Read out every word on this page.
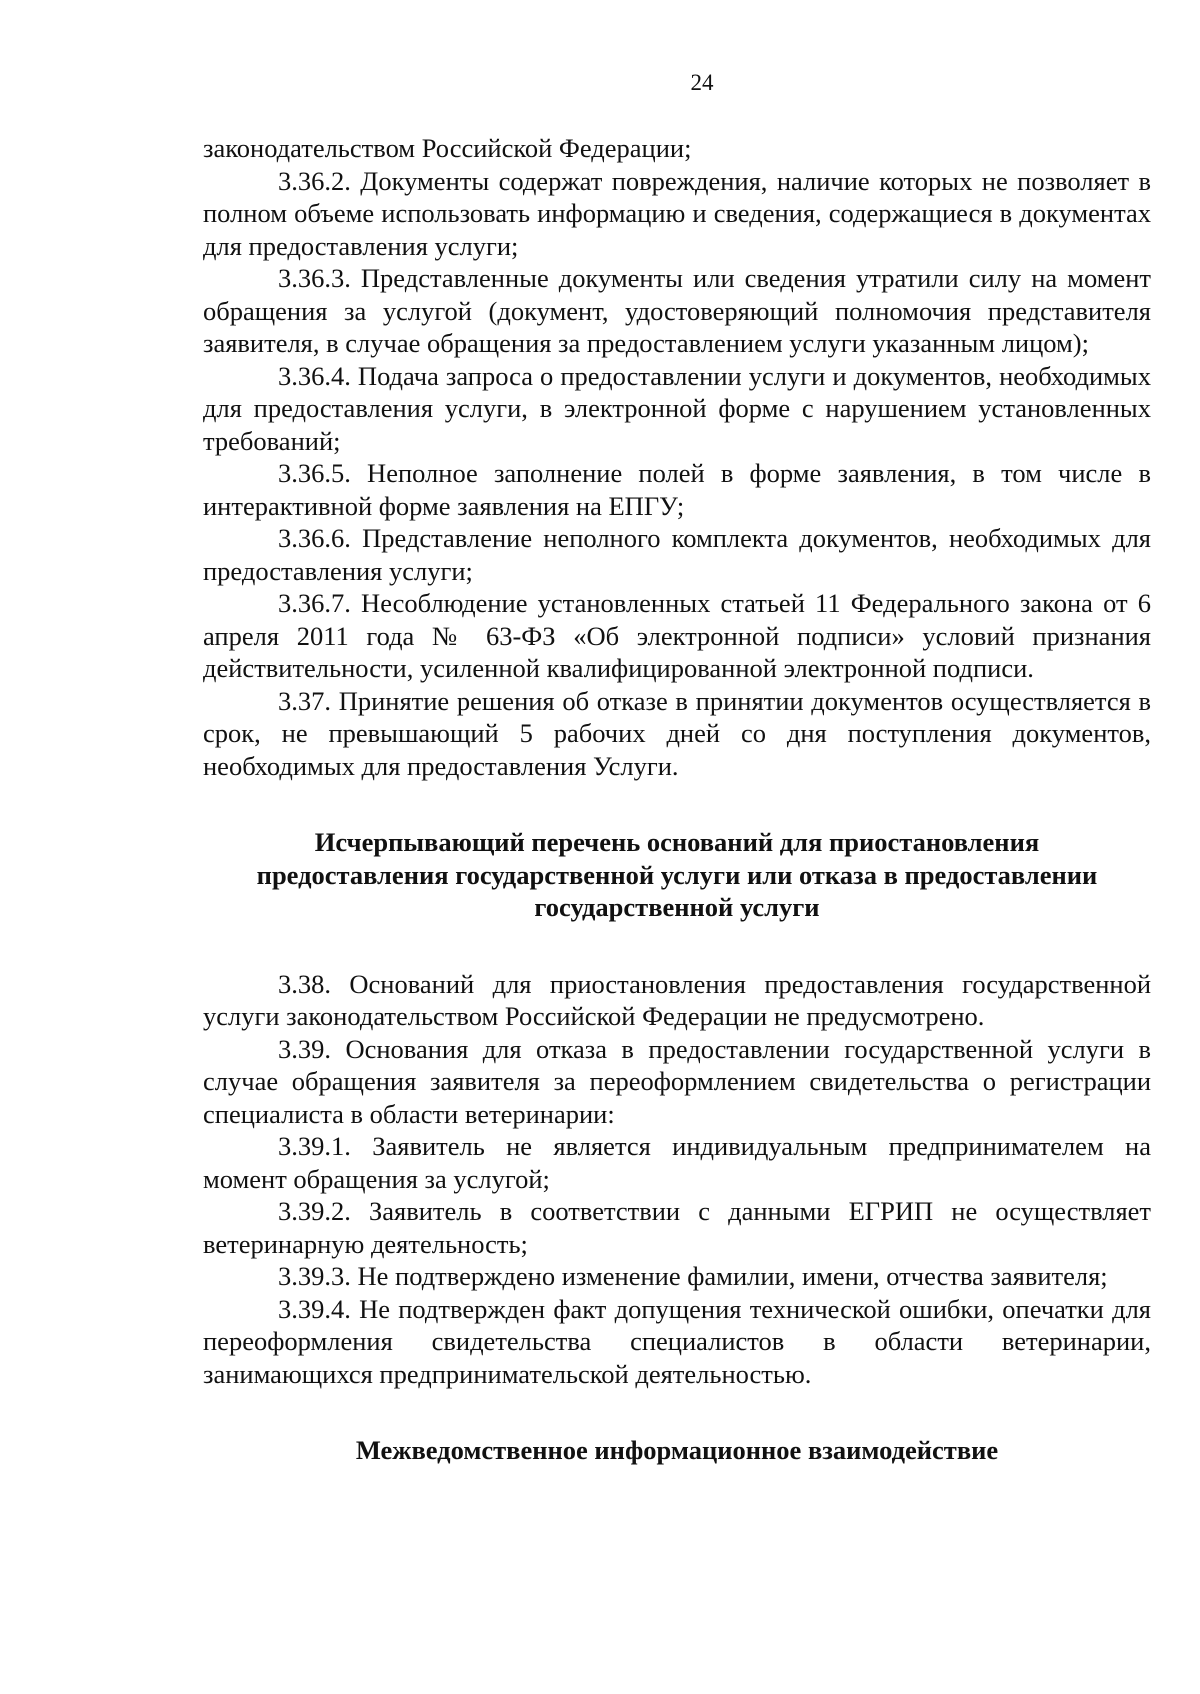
24

законодательством Российской Федерации;

3.36.2. Документы содержат повреждения, наличие которых не позволяет в полном объеме использовать информацию и сведения, содержащиеся в документах для предоставления услуги;

3.36.3. Представленные документы или сведения утратили силу на момент обращения за услугой (документ, удостоверяющий полномочия представителя заявителя, в случае обращения за предоставлением услуги указанным лицом);

3.36.4. Подача запроса о предоставлении услуги и документов, необходимых для предоставления услуги, в электронной форме с нарушением установленных требований;

3.36.5. Неполное заполнение полей в форме заявления, в том числе в интерактивной форме заявления на ЕПГУ;

3.36.6. Представление неполного комплекта документов, необходимых для предоставления услуги;

3.36.7. Несоблюдение установленных статьей 11 Федерального закона от 6 апреля 2011 года № 63-ФЗ «Об электронной подписи» условий признания действительности, усиленной квалифицированной электронной подписи.

3.37. Принятие решения об отказе в принятии документов осуществляется в срок, не превышающий 5 рабочих дней со дня поступления документов, необходимых для предоставления Услуги.

Исчерпывающий перечень оснований для приостановления предоставления государственной услуги или отказа в предоставлении государственной услуги

3.38. Оснований для приостановления предоставления государственной услуги законодательством Российской Федерации не предусмотрено.

3.39. Основания для отказа в предоставлении государственной услуги в случае обращения заявителя за переоформлением свидетельства о регистрации специалиста в области ветеринарии:

3.39.1. Заявитель не является индивидуальным предпринимателем на момент обращения за услугой;

3.39.2. Заявитель в соответствии с данными ЕГРИП не осуществляет ветеринарную деятельность;

3.39.3. Не подтверждено изменение фамилии, имени, отчества заявителя;

3.39.4. Не подтвержден факт допущения технической ошибки, опечатки для переоформления свидетельства специалистов в области ветеринарии, занимающихся предпринимательской деятельностью.

Межведомственное информационное взаимодействие
